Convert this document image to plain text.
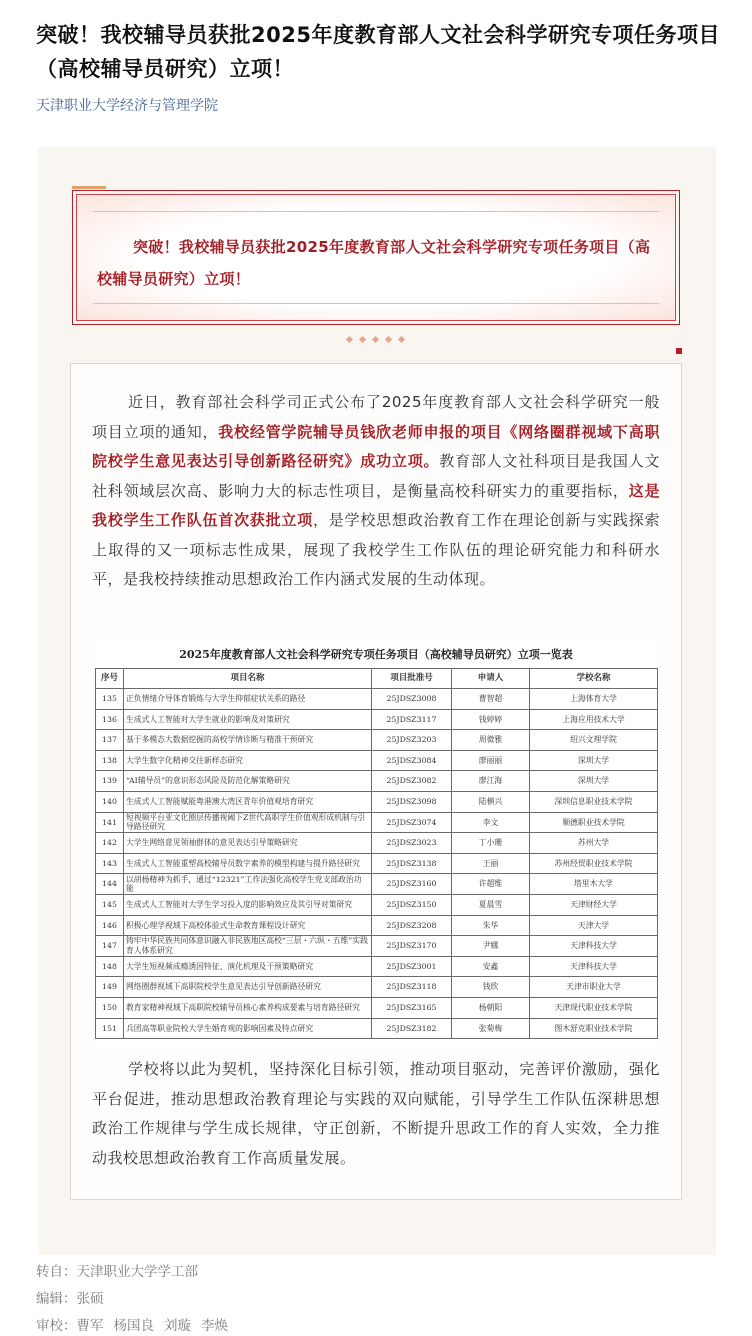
突破！我校辅导员获批2025年度教育部人文社会科学研究专项任务项目（高校辅导员研究）立项！
天津职业大学经济与管理学院
突破！我校辅导员获批2025年度教育部人文社会科学研究专项任务项目（高校辅导员研究）立项！
近日，教育部社会科学司正式公布了2025年度教育部人文社会科学研究一般项目立项的通知，我校经管学院辅导员钱欣老师申报的项目《网络圈群视域下高职院校学生意见表达引导创新路径研究》成功立项。教育部人文社科项目是我国人文社科领域层次高、影响力大的标志性项目，是衡量高校科研实力的重要指标，这是我校学生工作队伍首次获批立项，是学校思想政治教育工作在理论创新与实践探索上取得的又一项标志性成果，展现了我校学生工作队伍的理论研究能力和科研水平，是我校持续推动思想政治工作内涵式发展的生动体现。
2025年度教育部人文社会科学研究专项任务项目（高校辅导员研究）立项一览表
序号	项目名称	项目批准号	申请人	学校名称
135	正负情绪介导体育锻炼与大学生抑郁症状关系的路径	25JDSZ3008	曹智超	上海体育大学
136	生成式人工智能对大学生就业的影响及对策研究	25JDSZ3117	钱婷婷	上海应用技术大学
137	基于多模态大数据挖掘的高校学情诊断与精准干预研究	25JDSZ3203	周微雅	绍兴文理学院
138	大学生数字化精神交往新样态研究	25JDSZ3084	廖丽丽	深圳大学
139	“AI辅导员”的意识形态风险及防范化解策略研究	25JDSZ3082	廖江海	深圳大学
140	生成式人工智能赋能粤港澳大湾区青年价值观培育研究	25JDSZ3098	陆横兴	深圳信息职业技术学院
141	短视频平台亚文化圈层传播视阈下Z世代高职学生价值观形成机制与引导路径研究	25JDSZ3074	李文	顺德职业技术学院
142	大学生网络意见领袖群体的意见表达引导策略研究	25JDSZ3023	丁小珊	苏州大学
143	生成式人工智能重塑高校辅导员数字素养的模型构建与提升路径研究	25JDSZ3138	王丽	苏州经贸职业技术学院
144	以胡杨精神为抓手，通过“12321”工作法强化高校学生党支部政治功能	25JDSZ3160	许超维	塔里木大学
145	生成式人工智能对大学生学习投入度的影响效应及其引导对策研究	25JDSZ3150	夏晨雪	天津财经大学
146	积极心理学视域下高校体验式生命教育课程设计研究	25JDSZ3208	朱华	天津大学
147	铸牢中华民族共同体意识融入非民族地区高校“三层・六纵・五维”实践育人体系研究	25JDSZ3170	尹娜	天津科技大学
148	大学生短视频成瘾诱因特征、演化机理及干预策略研究	25JDSZ3001	安鑫	天津科技大学
149	网络圈群视域下高职院校学生意见表达引导创新路径研究	25JDSZ3118	钱欣	天津市职业大学
150	教育家精神视域下高职院校辅导员核心素养构成要素与培育路径研究	25JDSZ3165	杨朝阳	天津现代职业技术学院
151	兵团高等职业院校大学生婚育观的影响因素及特点研究	25JDSZ3182	张菊梅	图木舒克职业技术学院
学校将以此为契机，坚持深化目标引领，推动项目驱动，完善评价激励，强化平台促进，推动思想政治教育理论与实践的双向赋能，引导学生工作队伍深耕思想政治工作规律与学生成长规律，守正创新，不断提升思政工作的育人实效，全力推动我校思想政治教育工作高质量发展。
转自：天津职业大学学工部
编辑：张硕
审校：曹军 杨国良 刘璇 李焕
